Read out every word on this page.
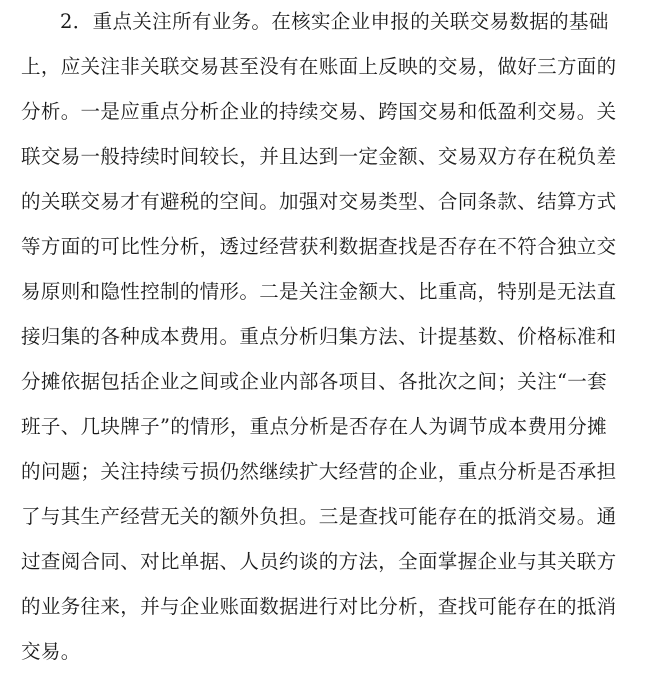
2．重点关注所有业务。在核实企业申报的关联交易数据的基础
上，应关注非关联交易甚至没有在账面上反映的交易，做好三方面的
分析。一是应重点分析企业的持续交易、跨国交易和低盈利交易。关
联交易一般持续时间较长，并且达到一定金额、交易双方存在税负差
的关联交易才有避税的空间。加强对交易类型、合同条款、结算方式
等方面的可比性分析，透过经营获利数据查找是否存在不符合独立交
易原则和隐性控制的情形。二是关注金额大、比重高，特别是无法直
接归集的各种成本费用。重点分析归集方法、计提基数、价格标准和
分摊依据包括企业之间或企业内部各项目、各批次之间；关注“一套
班子、几块牌子”的情形，重点分析是否存在人为调节成本费用分摊
的问题；关注持续亏损仍然继续扩大经营的企业，重点分析是否承担
了与其生产经营无关的额外负担。三是查找可能存在的抵消交易。通
过查阅合同、对比单据、人员约谈的方法，全面掌握企业与其关联方
的业务往来，并与企业账面数据进行对比分析，查找可能存在的抵消
交易。
